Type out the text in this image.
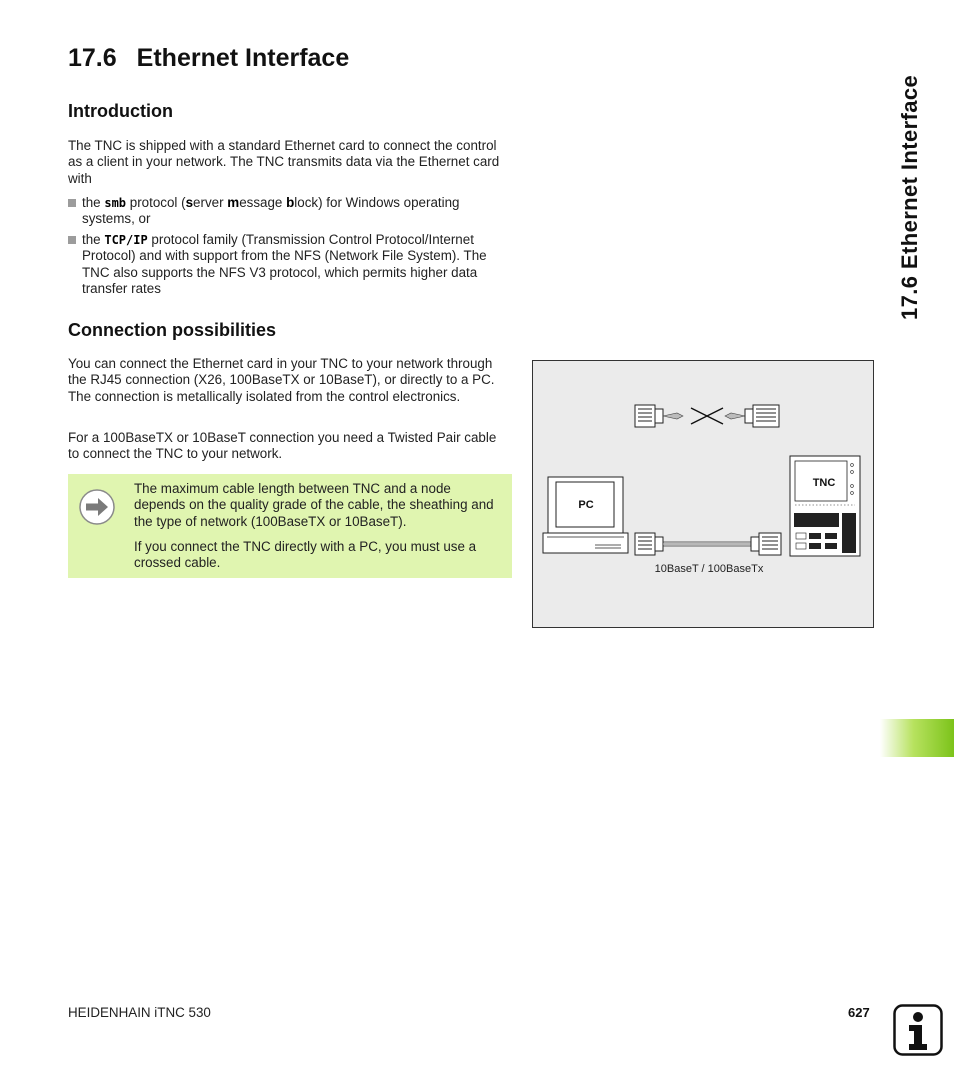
17.6 Ethernet Interface
Introduction

The TNC is shipped with a standard Ethernet card to connect the control as a client in your network. The TNC transmits data via the Ethernet card with

the smb protocol (server message block) for Windows operating systems, or
the TCP/IP protocol family (Transmission Control Protocol/Internet Protocol) and with support from the NFS (Network File System). The TNC also supports the NFS V3 protocol, which permits higher data transfer rates
Connection possibilities

You can connect the Ethernet card in your TNC to your network through the RJ45 connection (X26, 100BaseTX or 10BaseT), or directly to a PC. The connection is metallically isolated from the control electronics.

For a 100BaseTX or 10BaseT connection you need a Twisted Pair cable to connect the TNC to your network.

The maximum cable length between TNC and a node depends on the quality grade of the cable, the sheathing and the type of network (100BaseTX or 10BaseT).

If you connect the TNC directly with a PC, you must use a crossed cable.

PC
TNC
10BaseT / 100BaseTx
17.6 Ethernet Interface
HEIDENHAIN iTNC 530	627
